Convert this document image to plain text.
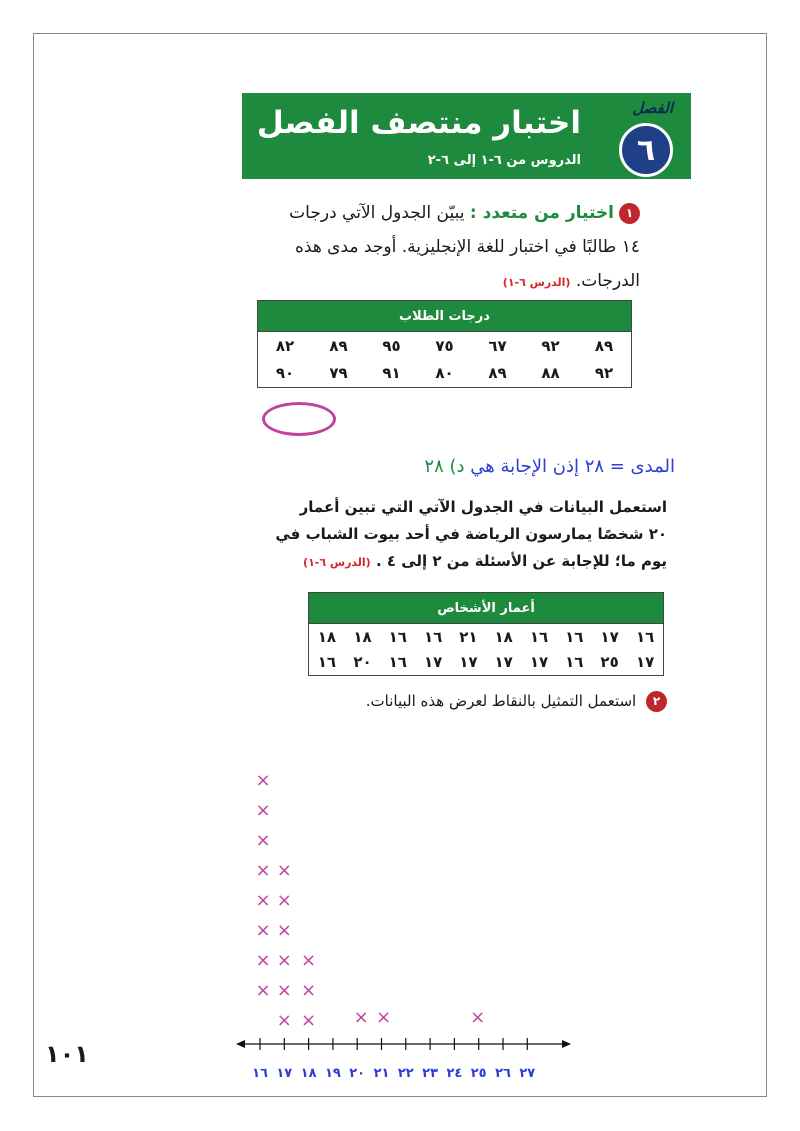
الفصل
٦
اختبار منتصف الفصل
الدروس من ٦-١ إلى ٦-٢
١اختيار من متعدد : يبيّن الجدول الآتي درجات
١٤ طالبًا في اختبار للغة الإنجليزية. أوجد مدى هذه
الدرجات. (الدرس ٦-١)
درجات الطلاب						
٨٩	٩٢	٦٧	٧٥	٩٥	٨٩	٨٢
٩٢	٨٨	٨٩	٨٠	٩١	٧٩	٩٠
المدى = ٢٨ إذن الإجابة هي د) ٢٨
استعمل البيانات في الجدول الآتي التي تبين أعمار
٢٠ شخصًا يمارسون الرياضة في أحد بيوت الشباب في
يوم ما؛ للإجابة عن الأسئلة من ٢ إلى ٤ . (الدرس ٦-١)
أعمار الأشخاص									
١٦	١٧	١٦	١٦	١٨	٢١	١٦	١٦	١٨	١٨
١٧	٢٥	١٦	١٧	١٧	١٧	١٧	١٦	٢٠	١٦
٢ استعمل التمثيل بالنقاط لعرض هذه البيانات.
١٦ ١٧ ١٨ ١٩ ٢٠ ٢١ ٢٢ ٢٣ ٢٤ ٢٥ ٢٦ ٢٧
×
×
×
×
×
×
×
×
×
×
×
×
×
×
×
×
×
× ×	×
١٠١
